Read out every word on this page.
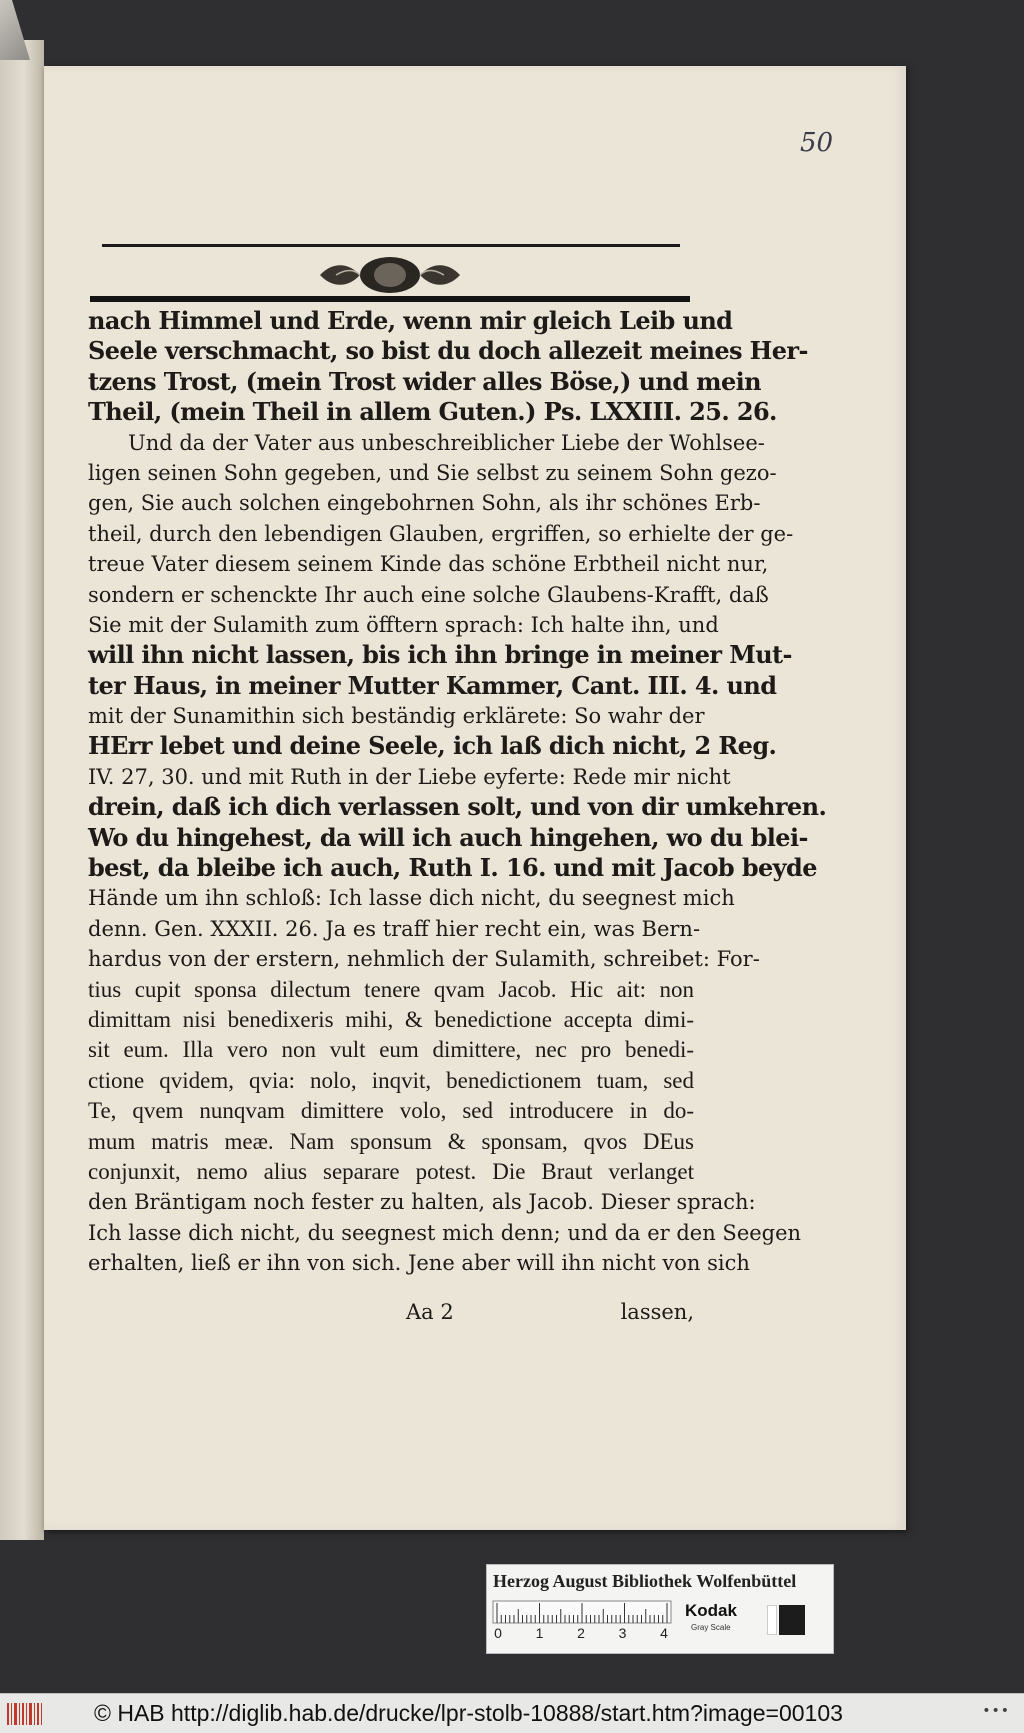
50
nach Himmel und Erde, wenn mir gleich Leib und
Seele verschmacht, so bist du doch allezeit meines Her-
tzens Trost, (mein Trost wider alles Böse,) und mein
Theil, (mein Theil in allem Guten.) Ps. LXXIII. 25. 26.
Und da der Vater aus unbeschreiblicher Liebe der Wohlsee-
ligen seinen Sohn gegeben, und Sie selbst zu seinem Sohn gezo-
gen, Sie auch solchen eingebohrnen Sohn, als ihr schönes Erb-
theil, durch den lebendigen Glauben, ergriffen, so erhielte der ge-
treue Vater diesem seinem Kinde das schöne Erbtheil nicht nur,
sondern er schenckte Ihr auch eine solche Glaubens-Krafft, daß
Sie mit der Sulamith zum öfftern sprach: Ich halte ihn, und
will ihn nicht lassen, bis ich ihn bringe in meiner Mut-
ter Haus, in meiner Mutter Kammer, Cant. III. 4. und
mit der Sunamithin sich beständig erklärete: So wahr der
HErr lebet und deine Seele, ich laß dich nicht, 2 Reg.
IV. 27, 30. und mit Ruth in der Liebe eyferte: Rede mir nicht
drein, daß ich dich verlassen solt, und von dir umkehren.
Wo du hingehest, da will ich auch hingehen, wo du blei-
best, da bleibe ich auch, Ruth I. 16. und mit Jacob beyde
Hände um ihn schloß: Ich lasse dich nicht, du seegnest mich
denn. Gen. XXXII. 26. Ja es traff hier recht ein, was Bern-
hardus von der erstern, nehmlich der Sulamith, schreibet: For-
tius cupit sponsa dilectum tenere qvam Jacob. Hic ait: non
dimittam nisi benedixeris mihi, & benedictione accepta dimi-
sit eum. Illa vero non vult eum dimittere, nec pro benedi-
ctione qvidem, qvia: nolo, inqvit, benedictionem tuam, sed
Te, qvem nunqvam dimittere volo, sed introducere in do-
mum matris meæ. Nam sponsum & sponsam, qvos DEus
conjunxit, nemo alius separare potest. Die Braut verlanget
den Bräntigam noch fester zu halten, als Jacob. Dieser sprach:
Ich lasse dich nicht, du seegnest mich denn; und da er den Seegen
erhalten, ließ er ihn von sich. Jene aber will ihn nicht von sich
Aa 2	lassen,
Herzog August Bibliothek Wolfenbüttel
0 1 2 3 4
Kodak
Gray Scale
© HAB http://diglib.hab.de/drucke/lpr-stolb-10888/start.htm?image=00103	•••
